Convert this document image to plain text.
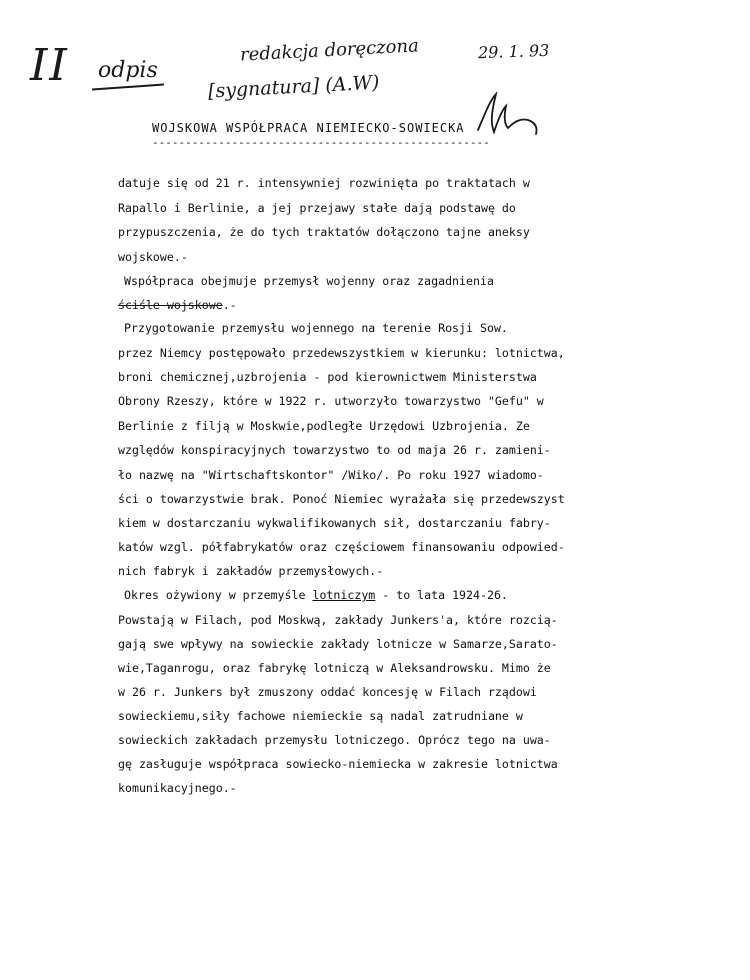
II odpis
redakcja doręczona	29. 1. 93
[sygnatura] (A.W)
WOJSKOWA WSPÓŁPRACA NIEMIECKO-SOWIECKA
---------------------------------------------------
datuje się od 21 r. intensywniej rozwinięta po traktatach w
Rapallo i Berlinie, a jej przejawy stałe dają podstawę do
przypuszczenia, że do tych traktatów dołączono tajne aneksy
wojskowe.-
Współpraca obejmuje przemysł wojenny oraz zagadnienia
ściśle wojskowe.-
Przygotowanie przemysłu wojennego na terenie Rosji Sow.
przez Niemcy postępowało przedewszystkiem w kierunku: lotnictwa,
broni chemicznej,uzbrojenia - pod kierownictwem Ministerstwa
Obrony Rzeszy, które w 1922 r. utworzyło towarzystwo "Gefu" w
Berlinie z filją w Moskwie,podległe Urzędowi Uzbrojenia. Ze
względów konspiracyjnych towarzystwo to od maja 26 r. zamieni-
ło nazwę na "Wirtschaftskontor" /Wiko/. Po roku 1927 wiadomo-
ści o towarzystwie brak. Ponoć Niemiec wyrażała się przedewszyst
kiem w dostarczaniu wykwalifikowanych sił, dostarczaniu fabry-
katów wzgl. półfabrykatów oraz częściowem finansowaniu odpowied-
nich fabryk i zakładów przemysłowych.-
Okres ożywiony w przemyśle lotniczym - to lata 1924-26.
Powstają w Filach, pod Moskwą, zakłady Junkers'a, które rozcią-
gają swe wpływy na sowieckie zakłady lotnicze w Samarze,Sarato-
wie,Taganrogu, oraz fabrykę lotniczą w Aleksandrowsku. Mimo że
w 26 r. Junkers był zmuszony oddać koncesję w Filach rządowi
sowieckiemu,siły fachowe niemieckie są nadal zatrudniane w
sowieckich zakładach przemysłu lotniczego. Oprócz tego na uwa-
gę zasługuje współpraca sowiecko-niemiecka w zakresie lotnictwa
komunikacyjnego.-
